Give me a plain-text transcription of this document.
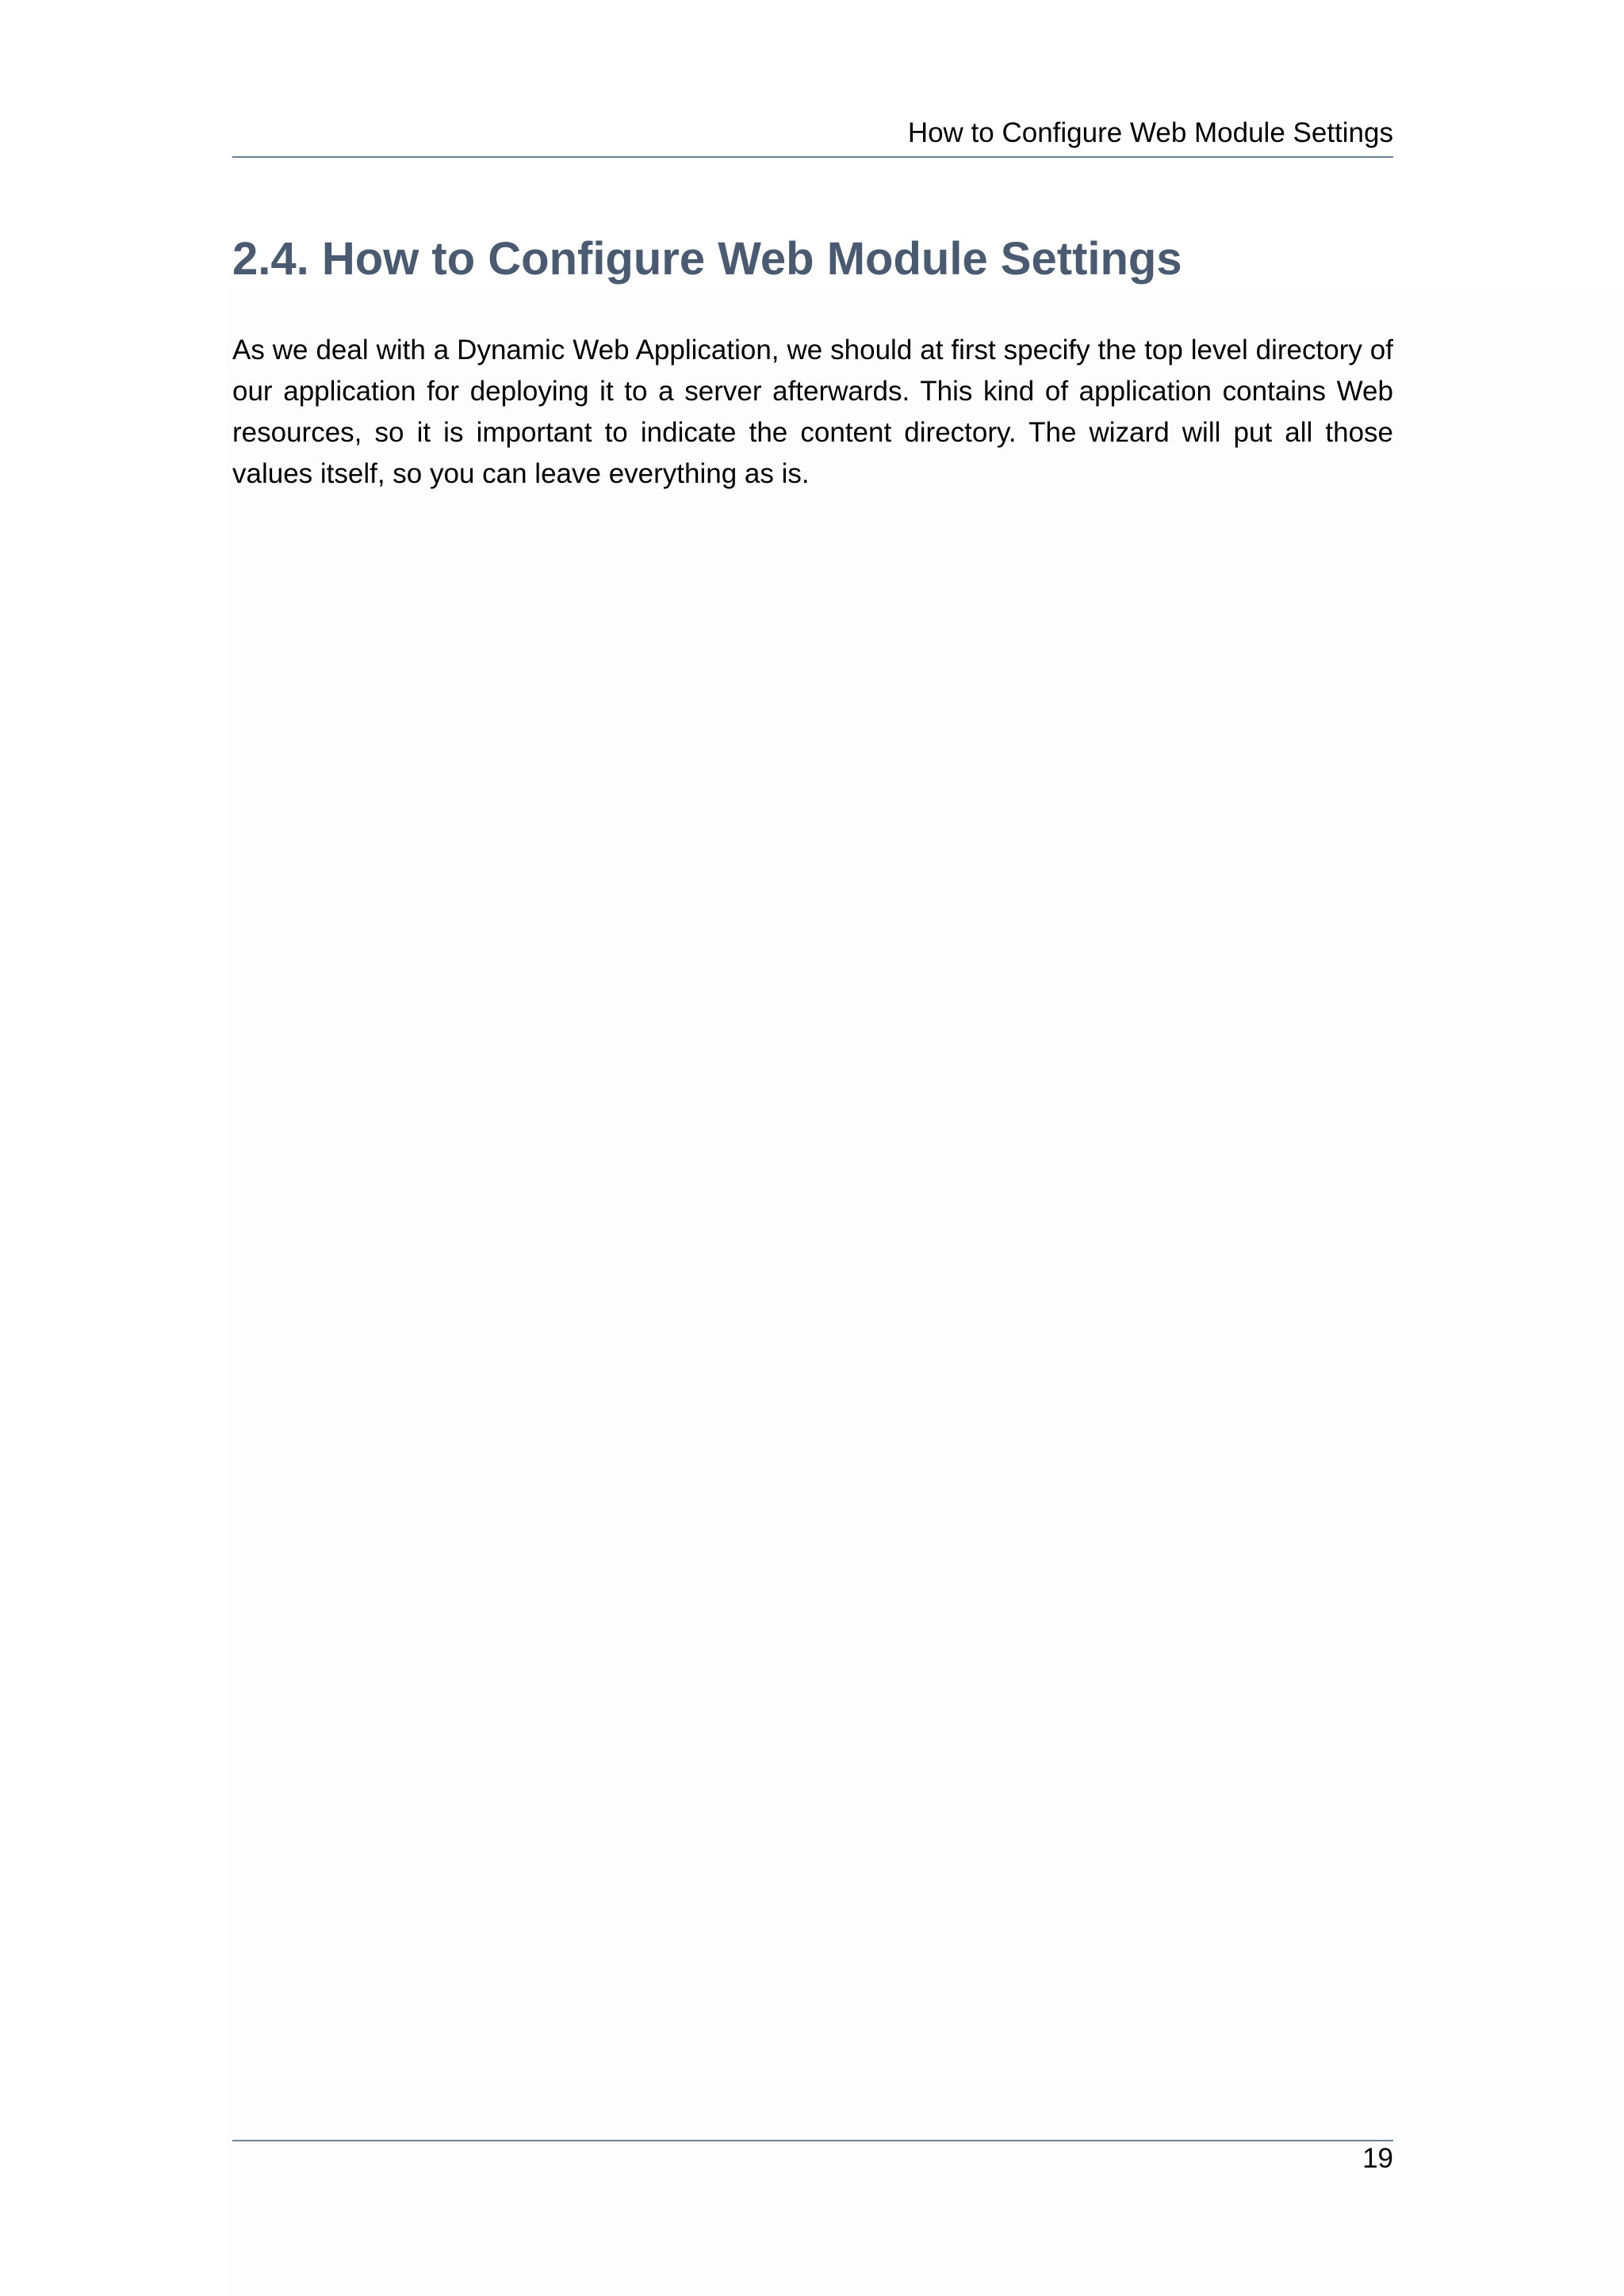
How to Configure Web Module Settings
2.4. How to Configure Web Module Settings

As we deal with a Dynamic Web Application, we should at first specify the top level directory of our application for deploying it to a server afterwards. This kind of application contains Web resources, so it is important to indicate the content directory. The wizard will put all those values itself, so you can leave everything as is.

19
